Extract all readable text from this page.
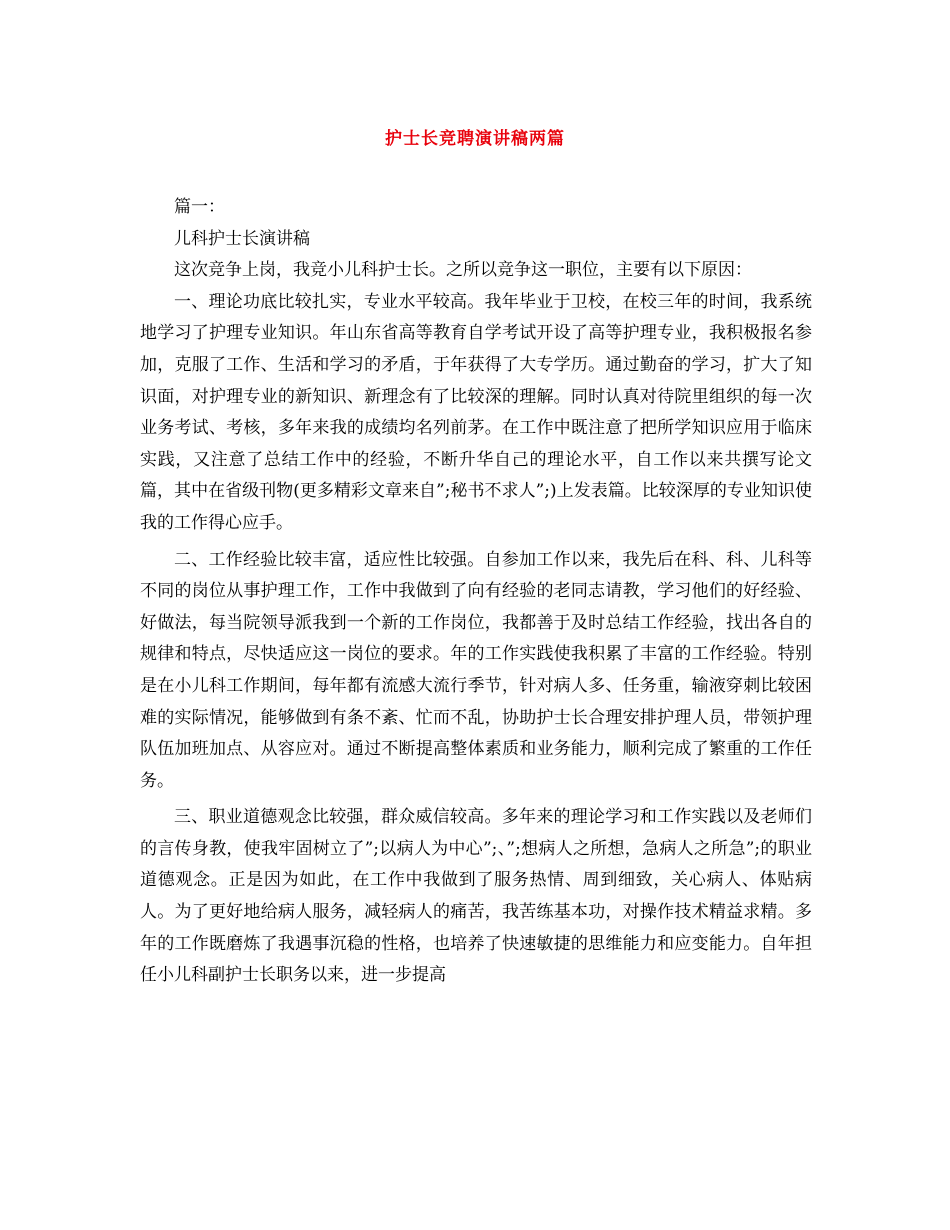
护士长竞聘演讲稿两篇

篇一：

儿科护士长演讲稿

这次竞争上岗，我竞小儿科护士长。之所以竞争这一职位，主要有以下原因：

一、理论功底比较扎实，专业水平较高。我年毕业于卫校，在校三年的时间，我系统地学习了护理专业知识。年山东省高等教育自学考试开设了高等护理专业，我积极报名参加，克服了工作、生活和学习的矛盾，于年获得了大专学历。通过勤奋的学习，扩大了知识面，对护理专业的新知识、新理念有了比较深的理解。同时认真对待院里组织的每一次业务考试、考核，多年来我的成绩均名列前茅。在工作中既注意了把所学知识应用于临床实践，又注意了总结工作中的经验，不断升华自己的理论水平，自工作以来共撰写论文篇，其中在省级刊物(更多精彩文章来自”;秘书不求人”;)上发表篇。比较深厚的专业知识使我的工作得心应手。

二、工作经验比较丰富，适应性比较强。自参加工作以来，我先后在科、科、儿科等不同的岗位从事护理工作，工作中我做到了向有经验的老同志请教，学习他们的好经验、好做法，每当院领导派我到一个新的工作岗位，我都善于及时总结工作经验，找出各自的规律和特点，尽快适应这一岗位的要求。年的工作实践使我积累了丰富的工作经验。特别是在小儿科工作期间，每年都有流感大流行季节，针对病人多、任务重，输液穿刺比较困难的实际情况，能够做到有条不紊、忙而不乱，协助护士长合理安排护理人员，带领护理队伍加班加点、从容应对。通过不断提高整体素质和业务能力，顺利完成了繁重的工作任务。

三、职业道德观念比较强，群众威信较高。多年来的理论学习和工作实践以及老师们的言传身教，使我牢固树立了”;以病人为中心”;、”;想病人之所想，急病人之所急”;的职业道德观念。正是因为如此，在工作中我做到了服务热情、周到细致，关心病人、体贴病人。为了更好地给病人服务，减轻病人的痛苦，我苦练基本功，对操作技术精益求精。多年的工作既磨炼了我遇事沉稳的性格，也培养了快速敏捷的思维能力和应变能力。自年担任小儿科副护士长职务以来，进一步提高
